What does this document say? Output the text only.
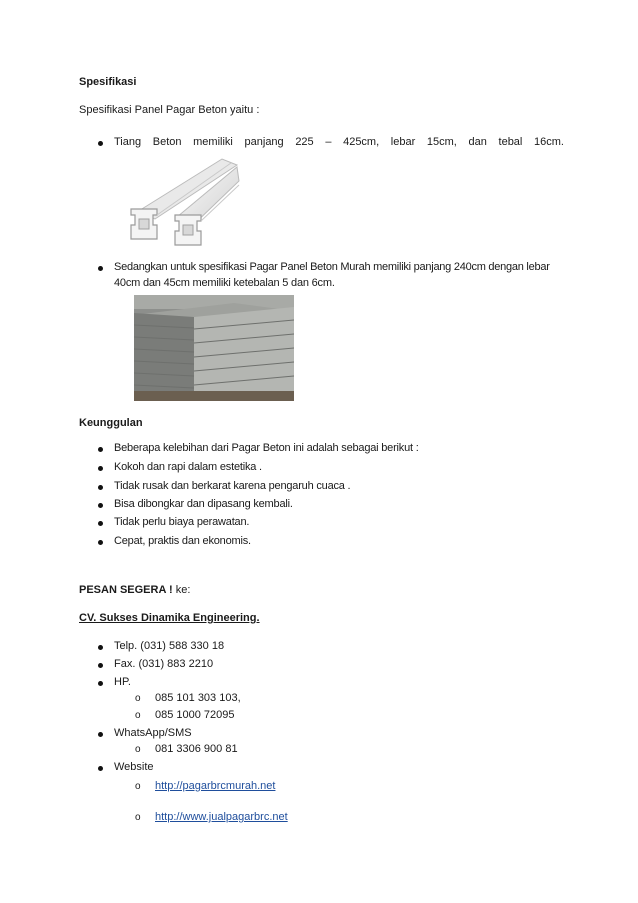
Spesifikasi
Spesifikasi Panel Pagar Beton yaitu :
Tiang Beton memiliki panjang 225 – 425cm, lebar 15cm, dan tebal 16cm.
Sedangkan untuk spesifikasi Pagar Panel Beton Murah memiliki panjang 240cm dengan lebar
40cm dan 45cm memiliki ketebalan 5 dan 6cm.
Keunggulan
Beberapa kelebihan dari Pagar Beton ini adalah sebagai berikut :
Kokoh dan rapi dalam estetika .
Tidak rusak dan berkarat karena pengaruh cuaca .
Bisa dibongkar dan dipasang kembali.
Tidak perlu biaya perawatan.
Cepat, praktis dan ekonomis.
PESAN SEGERA ! ke:
CV. Sukses Dinamika Engineering.
Telp. (031) 588 330 18
Fax. (031) 883 2210
HP.
o 085 101 303 103,
o 085 1000 72095
WhatsApp/SMS
o 081 3306 900 81
Website
o http://pagarbrcmurah.net
o http://www.jualpagarbrc.net
